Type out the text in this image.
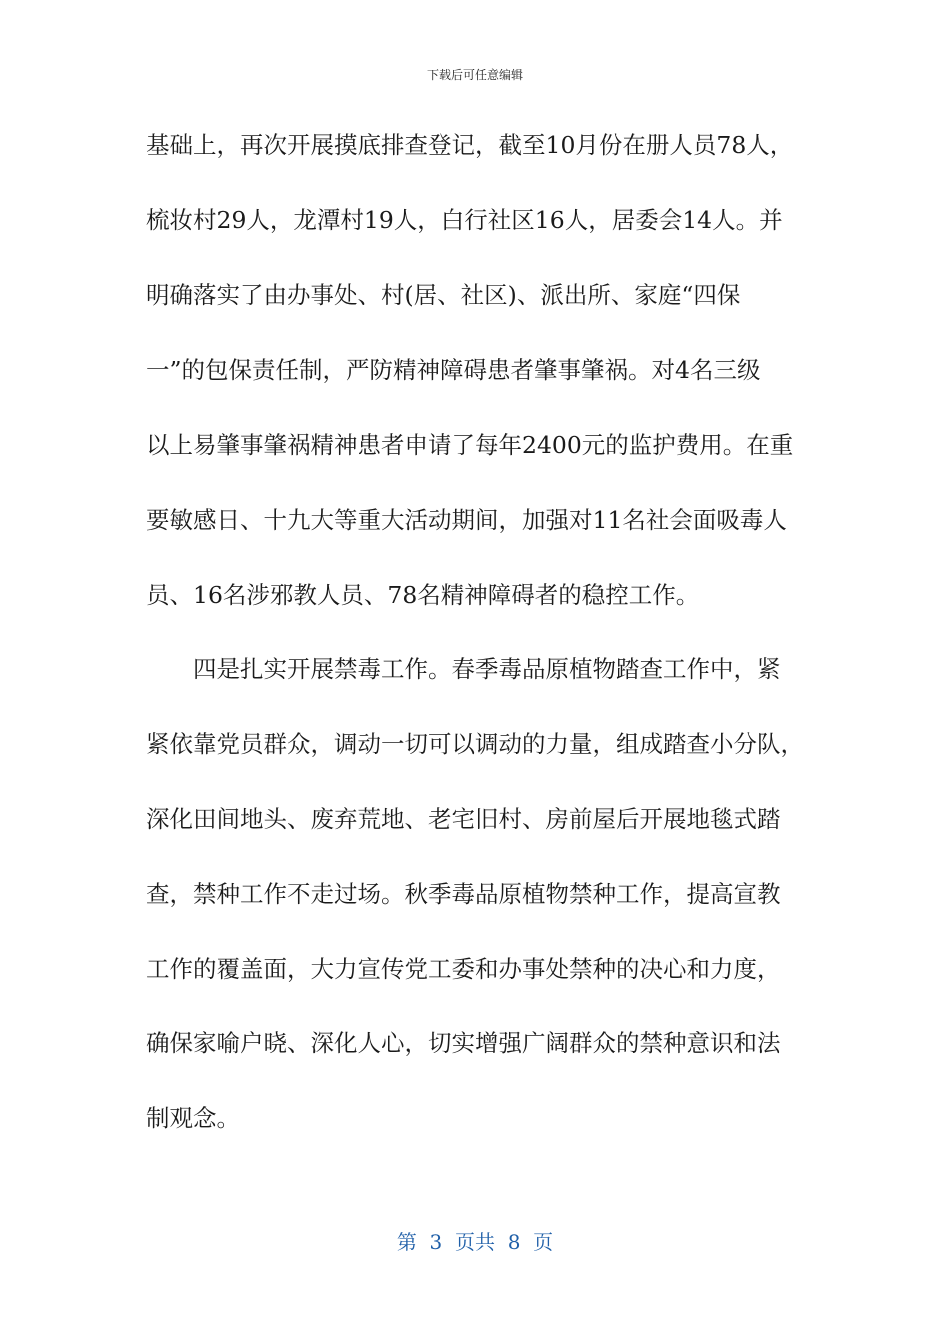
下载后可任意编辑
基础上，再次开展摸底排查登记，截至10月份在册人员78人，
梳妆村29人，龙潭村19人，白行社区16人，居委会14人。并
明确落实了由办事处、村(居、社区)、派出所、家庭“四保
一”的包保责任制，严防精神障碍患者肇事肇祸。对4名三级
以上易肇事肇祸精神患者申请了每年2400元的监护费用。在重
要敏感日、十九大等重大活动期间，加强对11名社会面吸毒人
员、16名涉邪教人员、78名精神障碍者的稳控工作。
　　四是扎实开展禁毒工作。春季毒品原植物踏查工作中，紧
紧依靠党员群众，调动一切可以调动的力量，组成踏查小分队，
深化田间地头、废弃荒地、老宅旧村、房前屋后开展地毯式踏
查，禁种工作不走过场。秋季毒品原植物禁种工作，提高宣教
工作的覆盖面，大力宣传党工委和办事处禁种的决心和力度，
确保家喻户晓、深化人心，切实增强广阔群众的禁种意识和法
制观念。
第  3  页共  8  页
